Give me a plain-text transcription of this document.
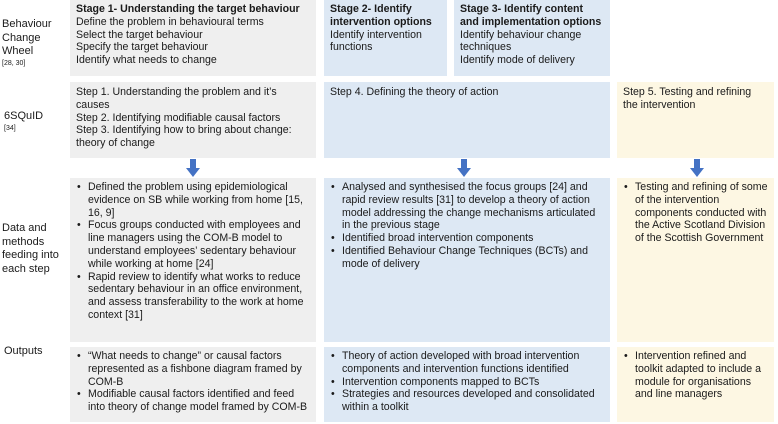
Behaviour Change Wheel
[28, 30]
6SQuID
[34]
Data and methods feeding into each step
Outputs
Stage 1- Understanding the target behaviour
Define the problem in behavioural terms
Select the target behaviour
Specify the target behaviour
Identify what needs to change
Stage 2- Identify intervention options
Identify intervention functions
Stage 3- Identify content and implementation options
Identify behaviour change techniques
Identify mode of delivery
Step 1. Understanding the problem and it’s causes
Step 2. Identifying modifiable causal factors
Step 3. Identifying how to bring about change: theory of change
Step 4. Defining the theory of action	Step 5. Testing and refining the intervention
• Defined the problem using epidemiological evidence on SB while working from home [15, 16, 9]
• Focus groups conducted with employees and line managers using the COM-B model to understand employees’ sedentary behaviour while working at home [24]
• Rapid review to identify what works to reduce sedentary behaviour in an office environment, and assess transferability to the work at home context [31]
• Analysed and synthesised the focus groups [24] and rapid review results [31] to develop a theory of action model addressing the change mechanisms articulated in the previous stage
• Identified broad intervention components
• Identified Behaviour Change Techniques (BCTs) and mode of delivery
• Testing and refining of some of the intervention components conducted with the Active Scotland Division of the Scottish Government
• “What needs to change” or causal factors represented as a fishbone diagram framed by COM-B
• Modifiable causal factors identified and feed into theory of change model framed by COM-B
• Theory of action developed with broad intervention components and intervention functions identified
• Intervention components mapped to BCTs
• Strategies and resources developed and consolidated within a toolkit
• Intervention refined and toolkit adapted to include a module for organisations and line managers
